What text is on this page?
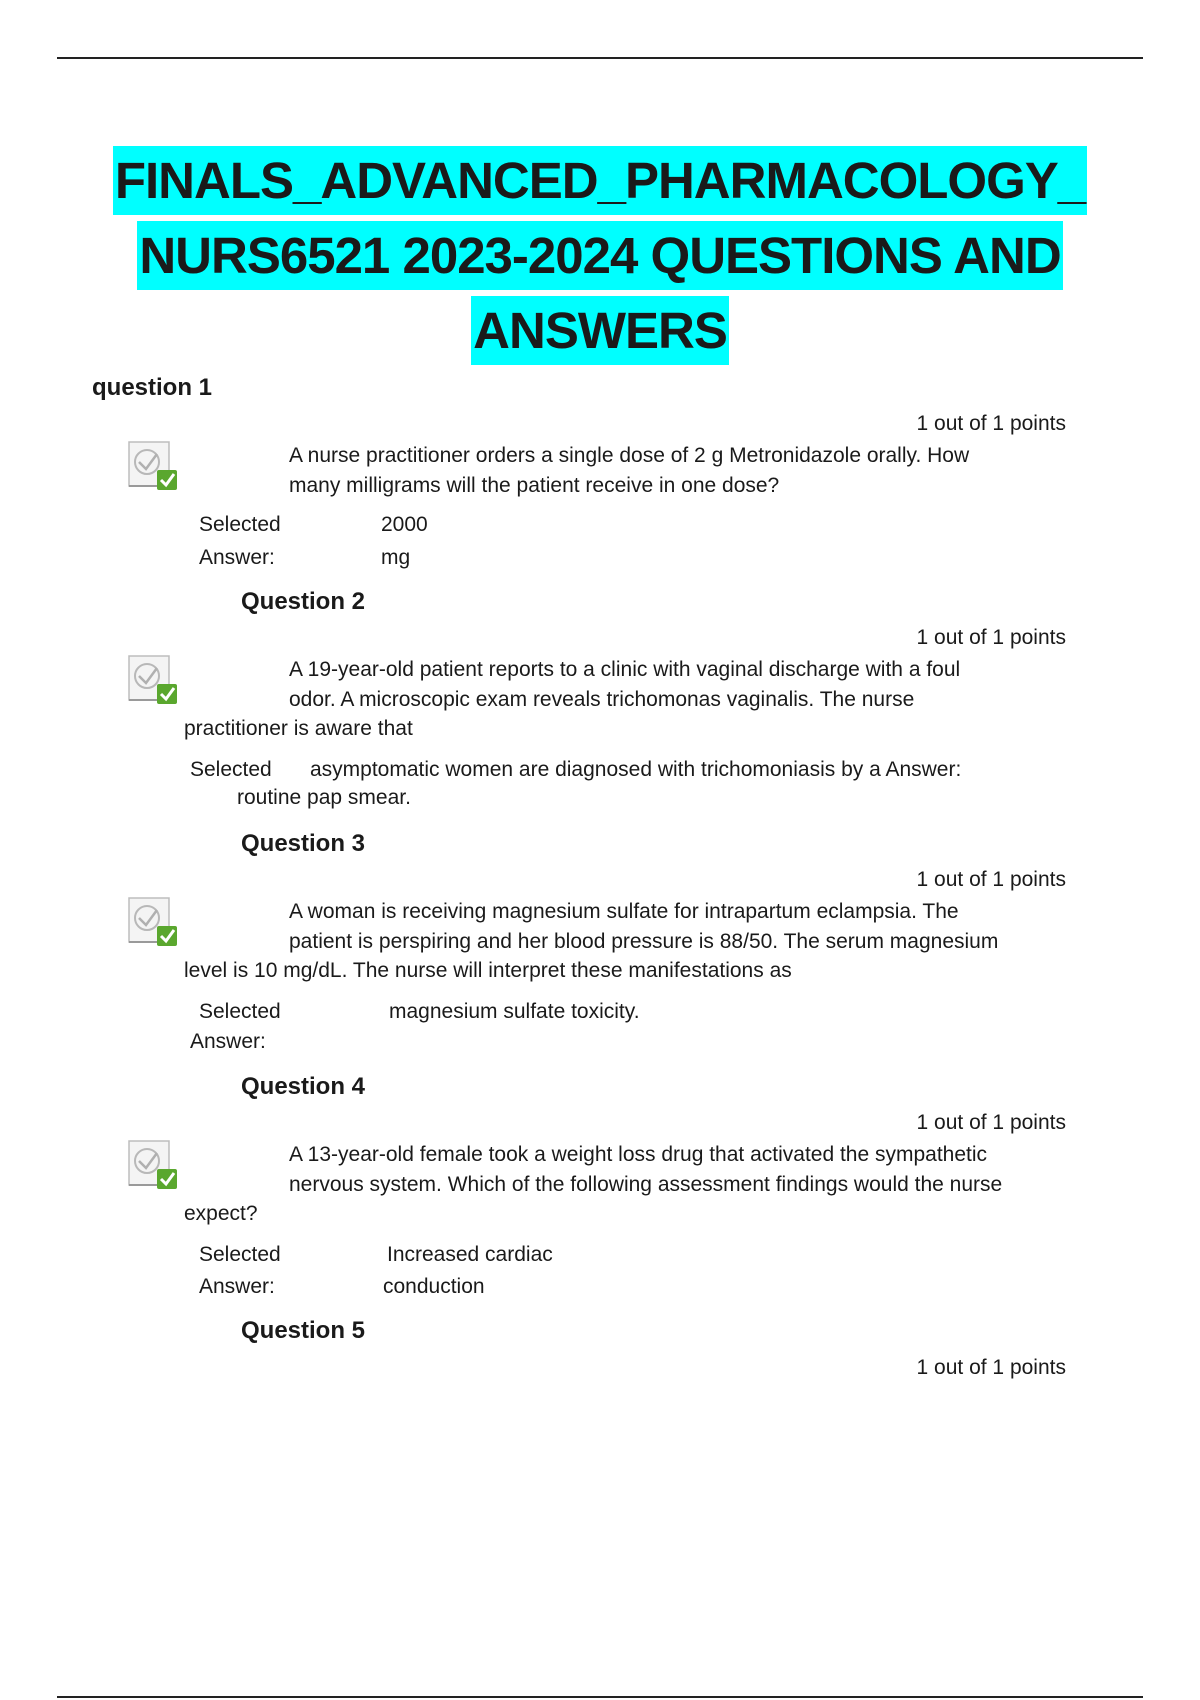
FINALS_ADVANCED_PHARMACOLOGY_
NURS6521 2023-2024 QUESTIONS AND
ANSWERS
question 1
1 out of 1 points
A nurse practitioner orders a single dose of 2 g Metronidazole orally. How
many milligrams will the patient receive in one dose?
Selected
Answer:
2000
mg
Question 2
1 out of 1 points
A 19-year-old patient reports to a clinic with vaginal discharge with a foul
odor. A microscopic exam reveals trichomonas vaginalis. The nurse
practitioner is aware that
Selected asymptomatic women are diagnosed with trichomoniasis by a Answer:
routine pap smear.
Question 3
1 out of 1 points
A woman is receiving magnesium sulfate for intrapartum eclampsia. The
patient is perspiring and her blood pressure is 88/50. The serum magnesium
level is 10 mg/dL. The nurse will interpret these manifestations as
Selected
Answer:
magnesium sulfate toxicity.
Question 4
1 out of 1 points
A 13-year-old female took a weight loss drug that activated the sympathetic
nervous system. Which of the following assessment findings would the nurse
expect?
Selected
Answer:
Increased cardiac
conduction
Question 5
1 out of 1 points
